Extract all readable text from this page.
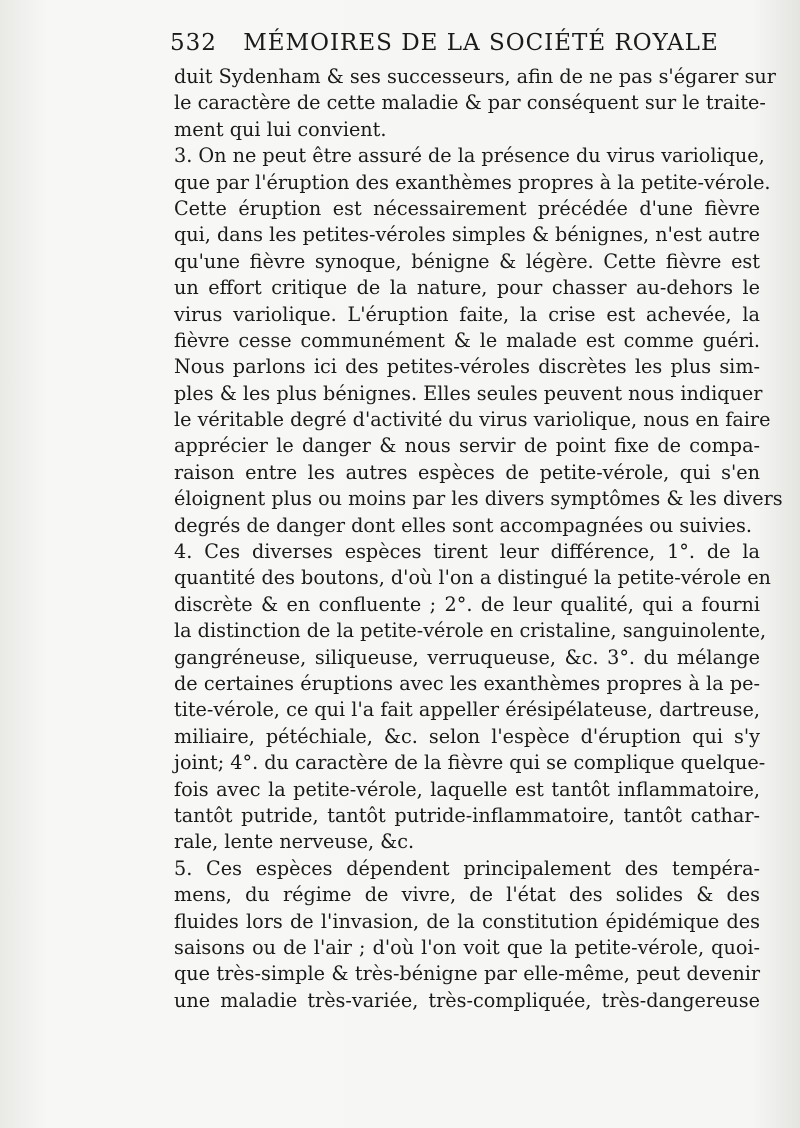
532 MÉMOIRES DE LA SOCIÉTÉ ROYALE
duit Sydenham & ses successeurs, afin de ne pas s'égarer sur
le caractère de cette maladie & par conséquent sur le traite-
ment qui lui convient.
3. On ne peut être assuré de la présence du virus variolique,
que par l'éruption des exanthèmes propres à la petite-vérole.
Cette éruption est nécessairement précédée d'une fièvre
qui, dans les petites-véroles simples & bénignes, n'est autre
qu'une fièvre synoque, bénigne & légère. Cette fièvre est
un effort critique de la nature, pour chasser au-dehors le
virus variolique. L'éruption faite, la crise est achevée, la
fièvre cesse communément & le malade est comme guéri.
Nous parlons ici des petites-véroles discrètes les plus sim-
ples & les plus bénignes. Elles seules peuvent nous indiquer
le véritable degré d'activité du virus variolique, nous en faire
apprécier le danger & nous servir de point fixe de compa-
raison entre les autres espèces de petite-vérole, qui s'en
éloignent plus ou moins par les divers symptômes & les divers
degrés de danger dont elles sont accompagnées ou suivies.
4. Ces diverses espèces tirent leur différence, 1°. de la
quantité des boutons, d'où l'on a distingué la petite-vérole en
discrète & en confluente ; 2°. de leur qualité, qui a fourni
la distinction de la petite-vérole en cristaline, sanguinolente,
gangréneuse, siliqueuse, verruqueuse, &c. 3°. du mélange
de certaines éruptions avec les exanthèmes propres à la pe-
tite-vérole, ce qui l'a fait appeller érésipélateuse, dartreuse,
miliaire, pétéchiale, &c. selon l'espèce d'éruption qui s'y
joint; 4°. du caractère de la fièvre qui se complique quelque-
fois avec la petite-vérole, laquelle est tantôt inflammatoire,
tantôt putride, tantôt putride-inflammatoire, tantôt cathar-
rale, lente nerveuse, &c.
5. Ces espèces dépendent principalement des tempéra-
mens, du régime de vivre, de l'état des solides & des
fluides lors de l'invasion, de la constitution épidémique des
saisons ou de l'air ; d'où l'on voit que la petite-vérole, quoi-
que très-simple & très-bénigne par elle-même, peut devenir
une maladie très-variée, très-compliquée, très-dangereuse
